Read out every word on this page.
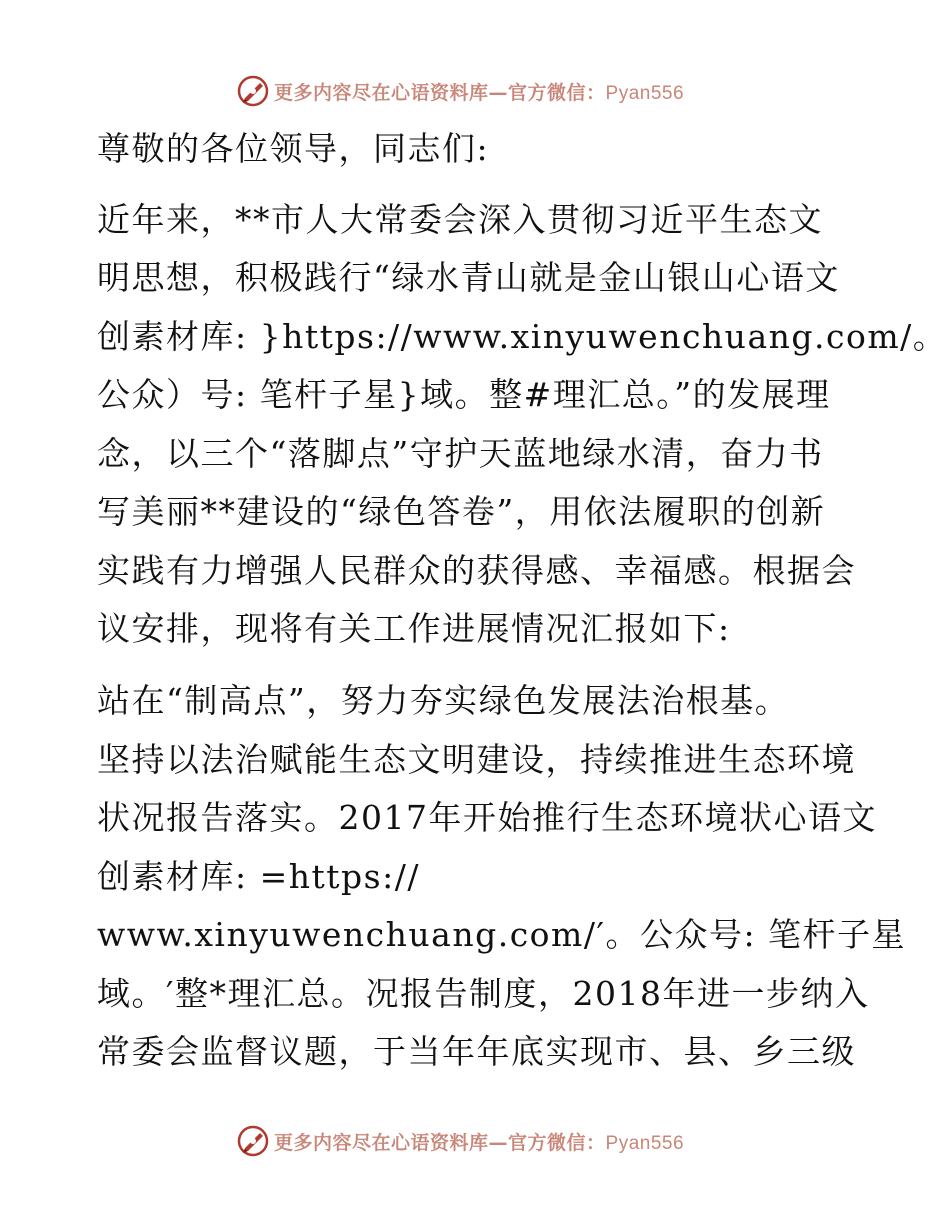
更多内容尽在心语资料库— 官方微信：Pyan556
尊敬的各位领导，同志们:
近年来，**市人大常委会深入贯彻习近平生态文
明思想，积极践行“绿水青山就是金山银山心语文
创素材库: }https://www.xinyuwenchuang.com/。
公众）号: 笔杆子星}域。整#理汇总。”的发展理
念，以三个“落脚点”守护天蓝地绿水清，奋力书
写美丽**建设的“绿色答卷”，用依法履职的创新
实践有力增强人民群众的获得感、幸福感。根据会
议安排，现将有关工作进展情况汇报如下:
站在“制高点”，努力夯实绿色发展法治根基。
坚持以法治赋能生态文明建设，持续推进生态环境
状况报告落实。2017年开始推行生态环境状心语文
创素材库: =https://
www.xinyuwenchuang.com/′。公众号: 笔杆子星
域。′整*理汇总。况报告制度，2018年进一步纳入
常委会监督议题，于当年年底实现市、县、乡三级
更多内容尽在心语资料库— 官方微信：Pyan556
